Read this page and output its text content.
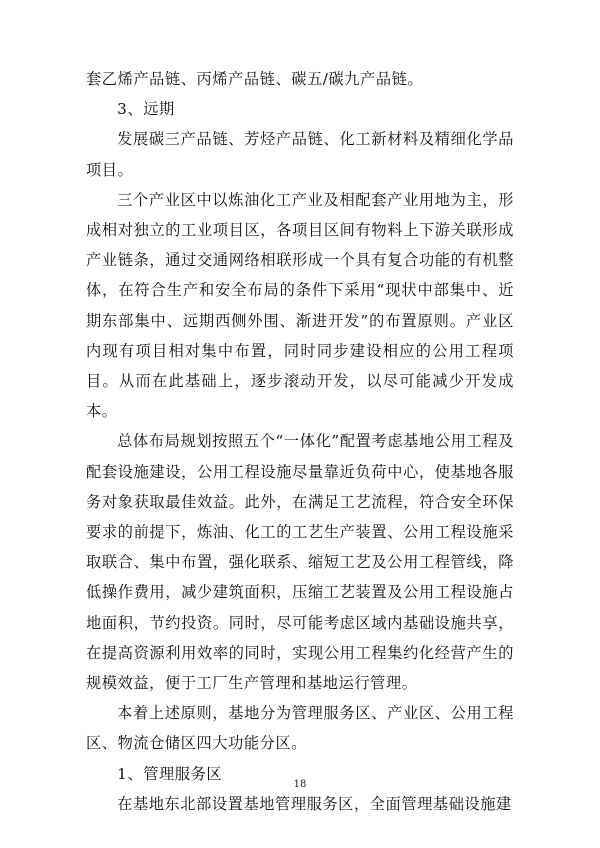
套乙烯产品链、丙烯产品链、碳五/碳九产品链。

3、远期

发展碳三产品链、芳烃产品链、化工新材料及精细化学品项目。

三个产业区中以炼油化工产业及相配套产业用地为主，形成相对独立的工业项目区，各项目区间有物料上下游关联形成产业链条，通过交通网络相联形成一个具有复合功能的有机整体，在符合生产和安全布局的条件下采用“现状中部集中、近期东部集中、远期西侧外围、渐进开发”的布置原则。产业区内现有项目相对集中布置，同时同步建设相应的公用工程项目。从而在此基础上，逐步滚动开发，以尽可能减少开发成本。

总体布局规划按照五个“一体化”配置考虑基地公用工程及配套设施建设，公用工程设施尽量靠近负荷中心，使基地各服务对象获取最佳效益。此外，在满足工艺流程，符合安全环保要求的前提下，炼油、化工的工艺生产装置、公用工程设施采取联合、集中布置，强化联系、缩短工艺及公用工程管线，降低操作费用，减少建筑面积，压缩工艺装置及公用工程设施占地面积，节约投资。同时，尽可能考虑区域内基础设施共享，在提高资源利用效率的同时，实现公用工程集约化经营产生的规模效益，便于工厂生产管理和基地运行管理。

本着上述原则，基地分为管理服务区、产业区、公用工程区、物流仓储区四大功能分区。

1、管理服务区

在基地东北部设置基地管理服务区，全面管理基础设施建

18
